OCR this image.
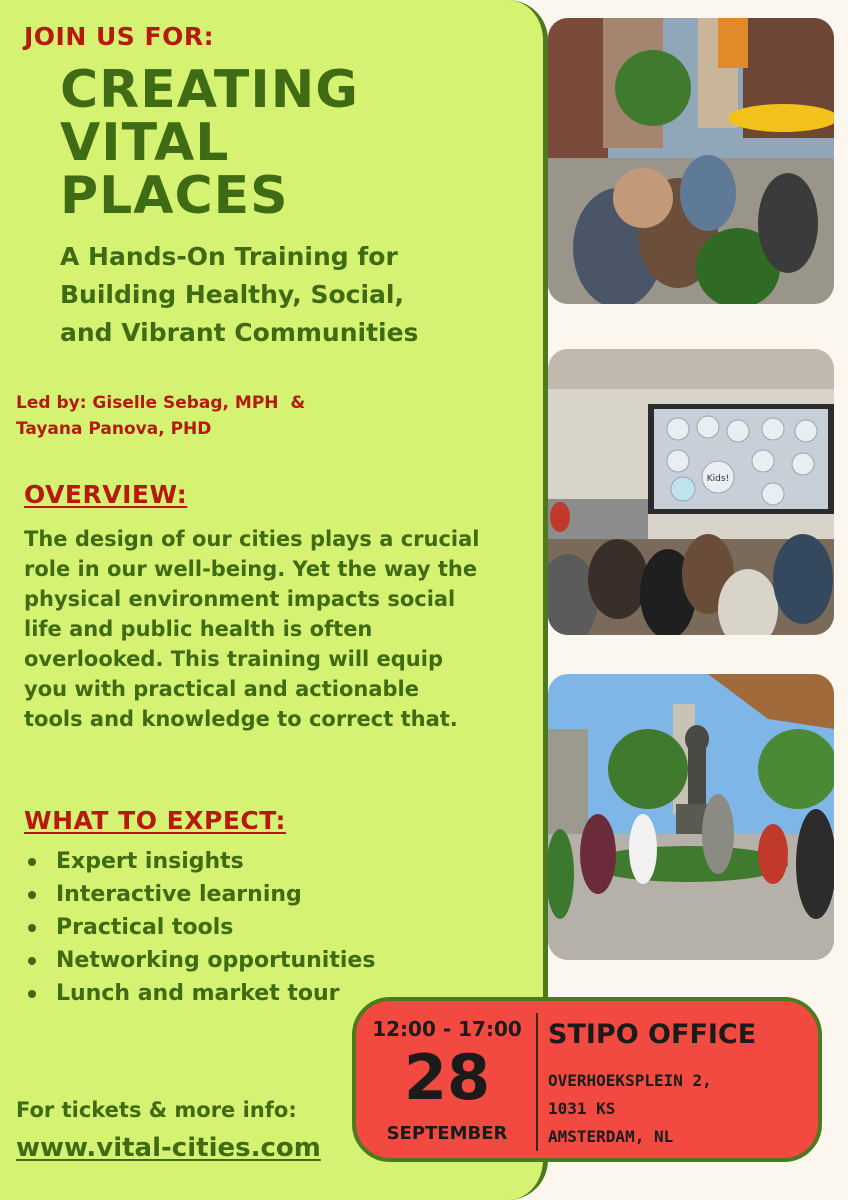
JOIN US FOR:
CREATING
VITAL
PLACES
A Hands-On Training for
Building Healthy, Social,
and Vibrant Communities
Led by: Giselle Sebag, MPH  &
Tayana Panova, PHD
OVERVIEW:
The design of our cities plays a crucial
role in our well-being. Yet the way the
physical environment impacts social
life and public health is often
overlooked. This training will equip
you with practical and actionable
tools and knowledge to correct that.
WHAT TO EXPECT:
Expert insights
Interactive learning
Practical tools
Networking opportunities
Lunch and market tour
For tickets & more info:
www.vital-cities.com
Kids!
12:00 - 17:00
28
SEPTEMBER
STIPO OFFICE
OVERHOEKSPLEIN 2,
1031 KS
AMSTERDAM, NL
